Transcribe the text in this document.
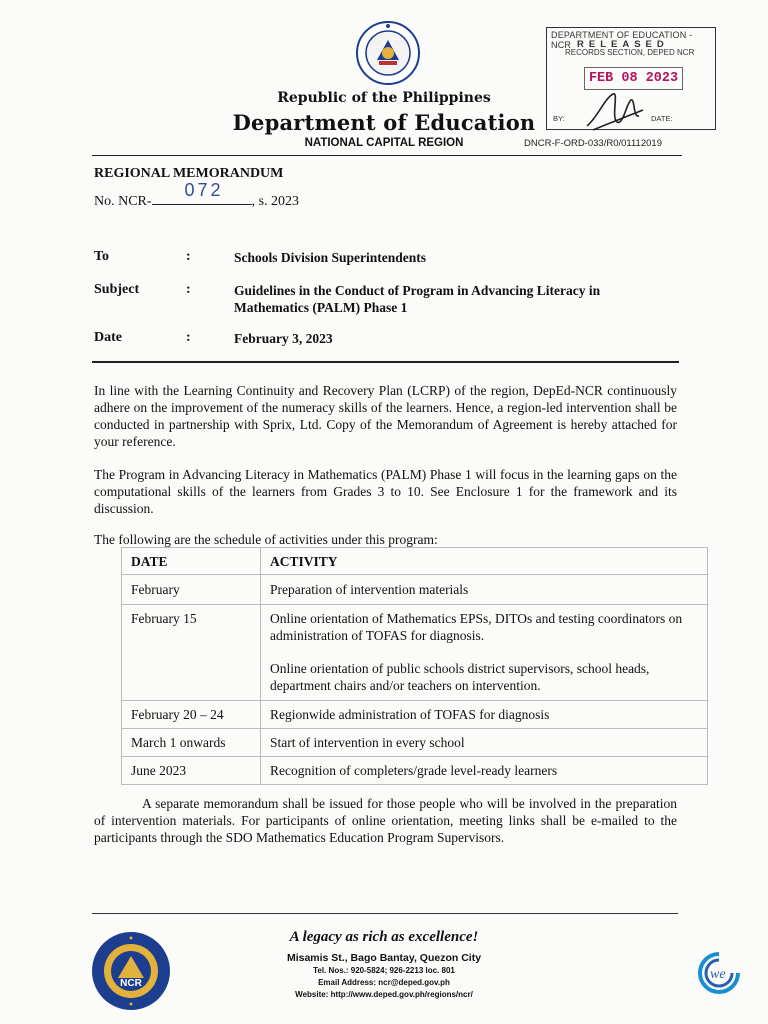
Republic of the Philippines
Department of Education
NATIONAL CAPITAL REGION
DEPARTMENT OF EDUCATION - NCR RELEASED
RECORDS SECTION, DEPED NCR
FEB 08 2023
BY:	DATE:
DNCR-F-ORD-033/R0/01112019
REGIONAL MEMORANDUM
No. NCR-	, s. 2023
072
To	:	Schools Division Superintendents
Subject	:	Guidelines in the Conduct of Program in Advancing Literacy in Mathematics (PALM) Phase 1
Date	:	February 3, 2023
In line with the Learning Continuity and Recovery Plan (LCRP) of the region, DepEd-NCR continuously adhere on the improvement of the numeracy skills of the learners. Hence, a region-led intervention shall be conducted in partnership with Sprix, Ltd. Copy of the Memorandum of Agreement is hereby attached for your reference.
The Program in Advancing Literacy in Mathematics (PALM) Phase 1 will focus in the learning gaps on the computational skills of the learners from Grades 3 to 10. See Enclosure 1 for the framework and its discussion.
The following are the schedule of activities under this program:
DATE	ACTIVITY
February	Preparation of intervention materials
February 15	Online orientation of Mathematics EPSs, DITOs and testing coordinators on administration of TOFAS for diagnosis.
Online orientation of public schools district supervisors, school heads, department chairs and/or teachers on intervention.

February 20 – 24	Regionwide administration of TOFAS for diagnosis
March 1 onwards	Start of intervention in every school
June 2023	Recognition of completers/grade level-ready learners
A separate memorandum shall be issued for those people who will be involved in the preparation of intervention materials. For participants of online orientation, meeting links shall be e-mailed to the participants through the SDO Mathematics Education Program Supervisors.
NCR
A legacy as rich as excellence!
Misamis St., Bago Bantay, Quezon City
Tel. Nos.: 920-5824; 926-2213 loc. 801
Email Address: ncr@deped.gov.ph
Website: http://www.deped.gov.ph/regions/ncr/
we
